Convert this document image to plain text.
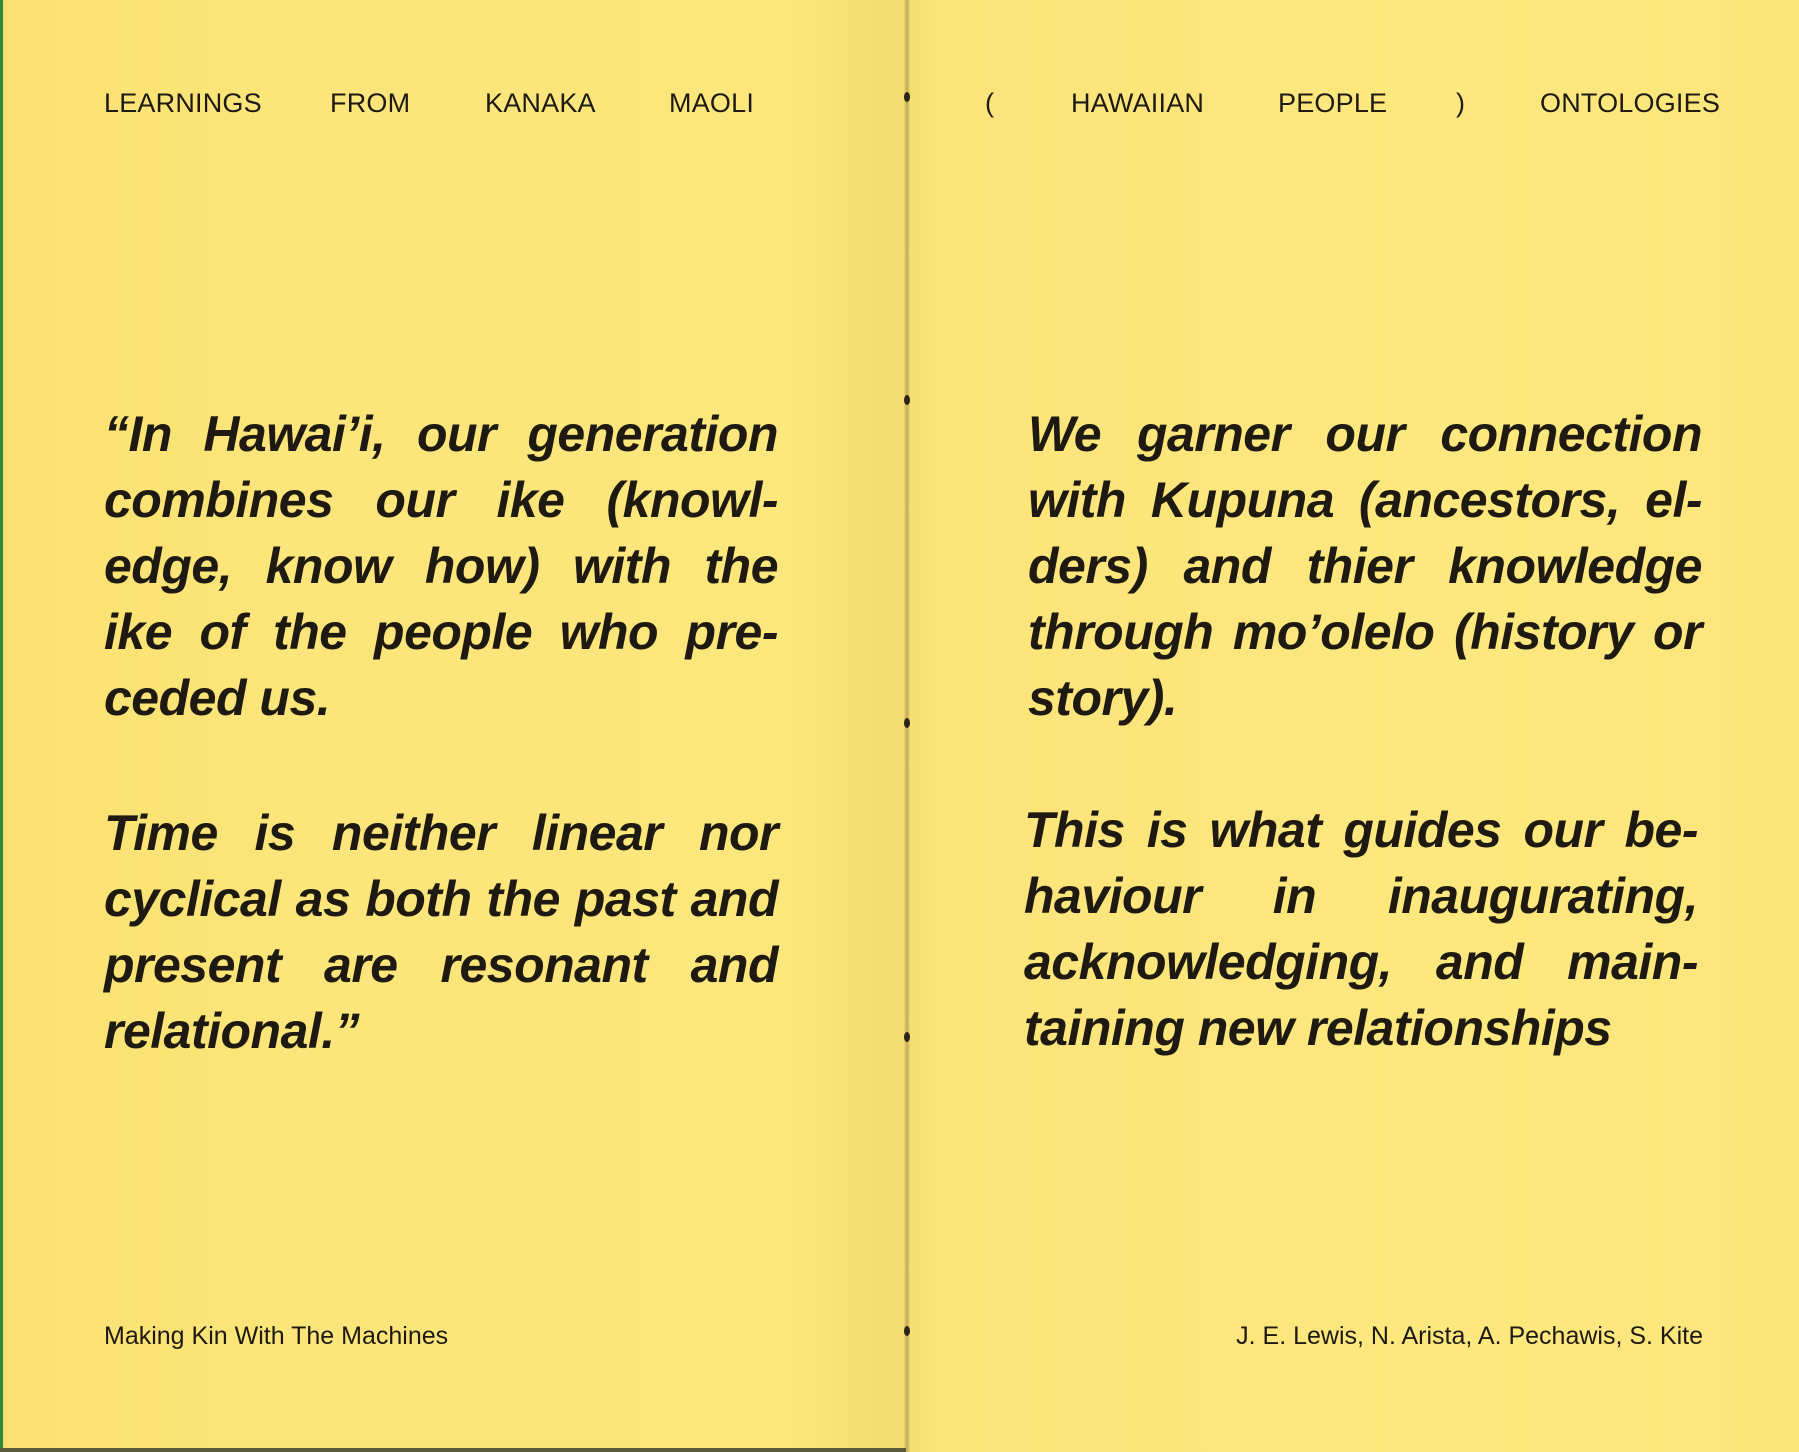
LEARNINGS	FROM	KANAKA	MAOLI	(	HAWAIIAN	PEOPLE	)	ONTOLOGIES

“In Hawai’i, our generation combines our ike (knowl-edge, know how) with the ike of the people who pre-ceded us.

Time is neither linear nor cyclical as both the past and present are resonant and relational.”

We garner our connection with Kupuna (ancestors, el-ders) and thier knowledge through mo’olelo (history or story).

This is what guides our be-haviour in inaugurating, acknowledging, and main-taining new relationships

Making Kin With The Machines	J. E. Lewis, N. Arista, A. Pechawis, S. Kite
